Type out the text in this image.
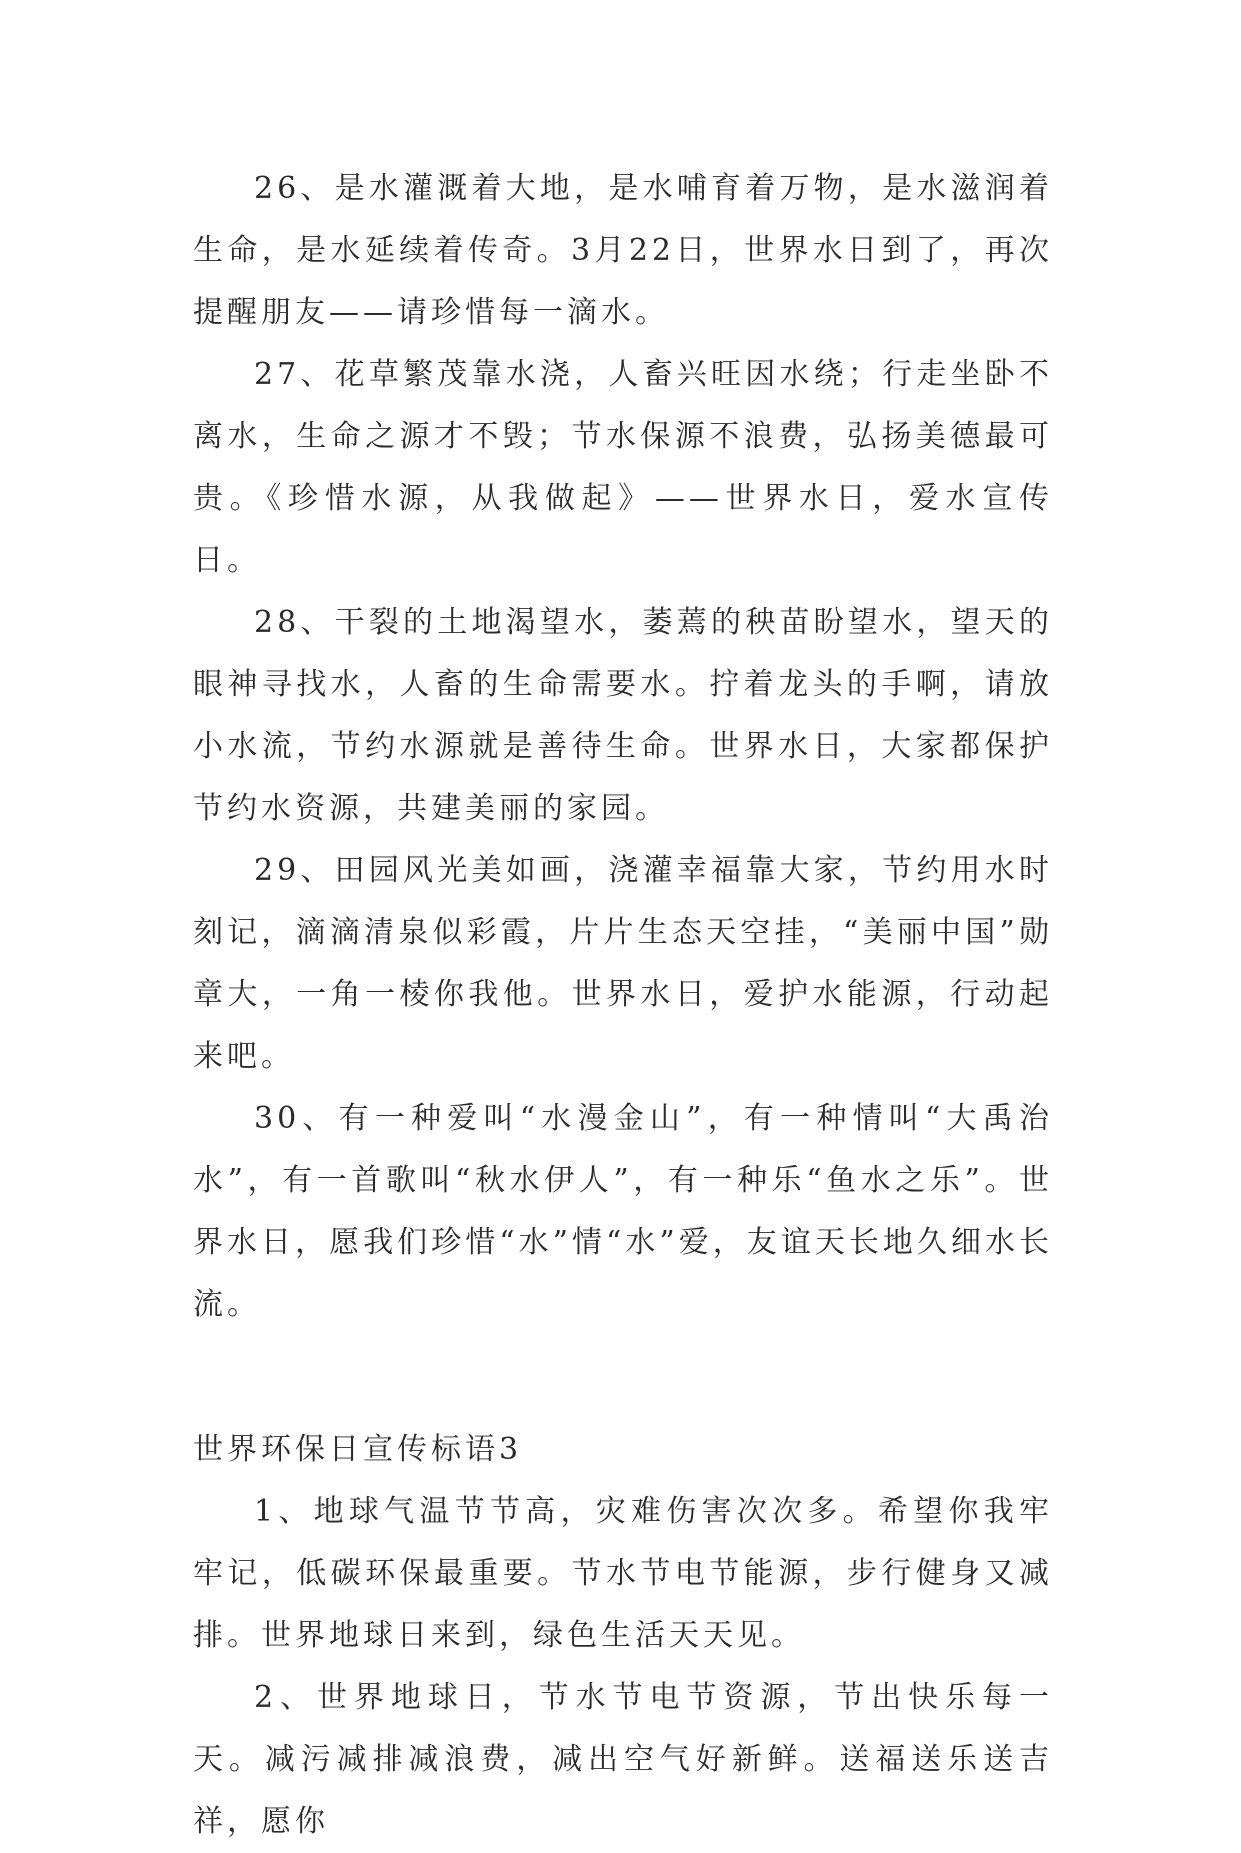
26、是水灌溉着大地，是水哺育着万物，是水滋润着生命，是水延续着传奇。3月22日，世界水日到了，再次提醒朋友——请珍惜每一滴水。

27、花草繁茂靠水浇，人畜兴旺因水绕；行走坐卧不离水，生命之源才不毁；节水保源不浪费，弘扬美德最可贵。《珍惜水源，从我做起》——世界水日，爱水宣传日。

28、干裂的土地渴望水，萎蔫的秧苗盼望水，望天的眼神寻找水，人畜的生命需要水。拧着龙头的手啊，请放小水流，节约水源就是善待生命。世界水日，大家都保护节约水资源，共建美丽的家园。

29、田园风光美如画，浇灌幸福靠大家，节约用水时刻记，滴滴清泉似彩霞，片片生态天空挂，“美丽中国”勋章大，一角一棱你我他。世界水日，爱护水能源，行动起来吧。

30、有一种爱叫“水漫金山”，有一种情叫“大禹治水”，有一首歌叫“秋水伊人”，有一种乐“鱼水之乐”。世界水日，愿我们珍惜“水”情“水”爱，友谊天长地久细水长流。

世界环保日宣传标语3

1、地球气温节节高，灾难伤害次次多。希望你我牢牢记，低碳环保最重要。节水节电节能源，步行健身又减排。世界地球日来到，绿色生活天天见。

2、世界地球日，节水节电节资源，节出快乐每一天。减污减排减浪费，减出空气好新鲜。送福送乐送吉祥，愿你
